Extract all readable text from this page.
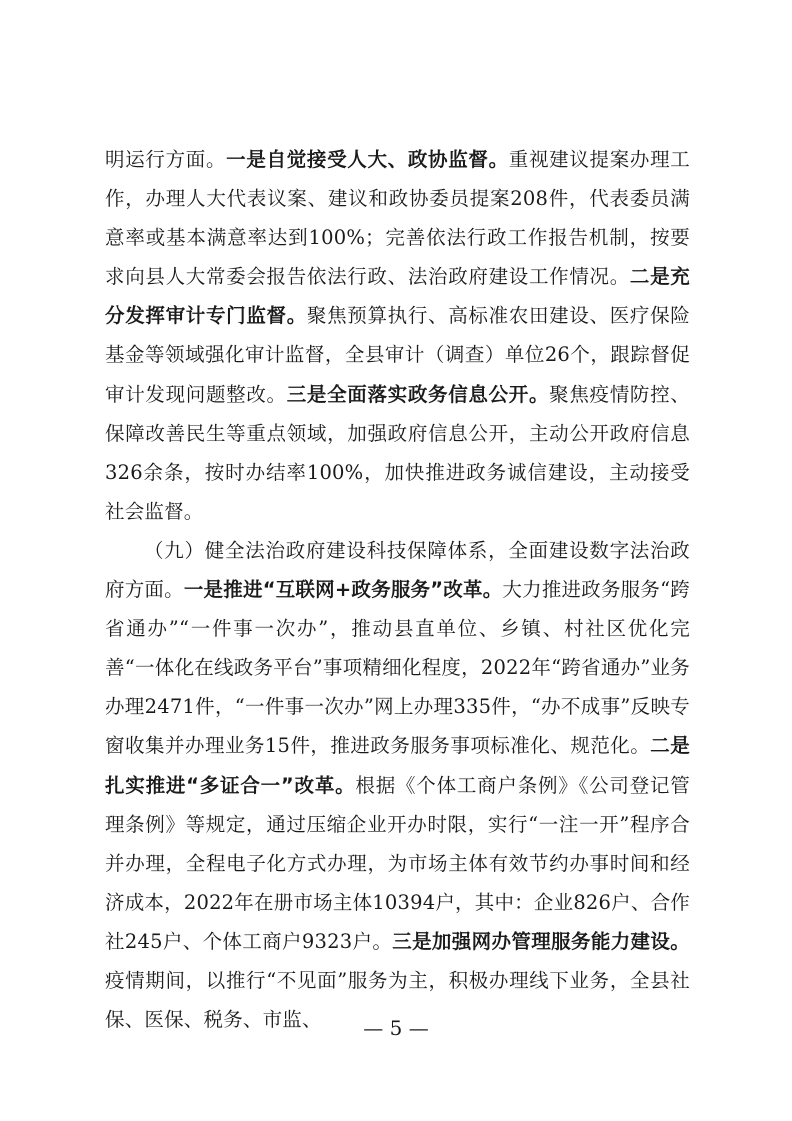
明运行方面。一是自觉接受人大、政协监督。重视建议提案办理工作，办理人大代表议案、建议和政协委员提案208件，代表委员满意率或基本满意率达到100%；完善依法行政工作报告机制，按要求向县人大常委会报告依法行政、法治政府建设工作情况。二是充分发挥审计专门监督。聚焦预算执行、高标准农田建设、医疗保险基金等领域强化审计监督，全县审计（调查）单位26个，跟踪督促审计发现问题整改。三是全面落实政务信息公开。聚焦疫情防控、保障改善民生等重点领域，加强政府信息公开，主动公开政府信息326余条，按时办结率100%，加快推进政务诚信建设，主动接受社会监督。

（九）健全法治政府建设科技保障体系，全面建设数字法治政府方面。一是推进“互联网+政务服务”改革。大力推进政务服务“跨省通办”“一件事一次办”，推动县直单位、乡镇、村社区优化完善“一体化在线政务平台”事项精细化程度，2022年“跨省通办”业务办理2471件，“一件事一次办”网上办理335件，“办不成事”反映专窗收集并办理业务15件，推进政务服务事项标准化、规范化。二是扎实推进“多证合一”改革。根据《个体工商户条例》《公司登记管理条例》等规定，通过压缩企业开办时限，实行“一注一开”程序合并办理，全程电子化方式办理，为市场主体有效节约办事时间和经济成本，2022年在册市场主体10394户，其中：企业826户、合作社245户、个体工商户9323户。三是加强网办管理服务能力建设。疫情期间，以推行“不见面”服务为主，积极办理线下业务，全县社保、医保、税务、市监、	— 5 —
